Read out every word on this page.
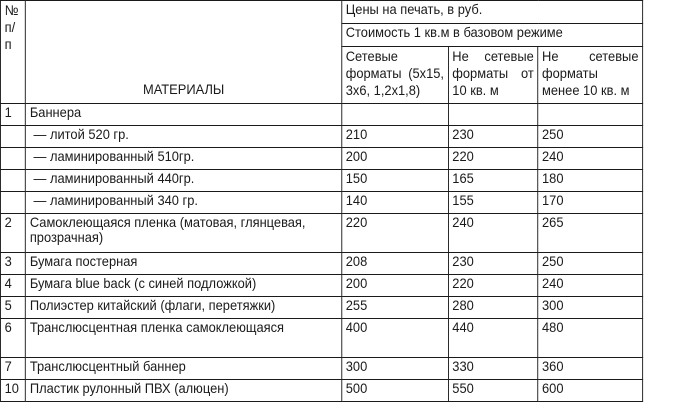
№ п/п	МАТЕРИАЛЫ	Цены на печать, в руб.		
		Стоимость 1 кв.м в базовом режиме		
		Сетевые форматы (5x15, 3x6, 1,2x1,8)	Не сетевые форматы от 10 кв. м	Не сетевые форматы менее 10 кв. м
1	Баннера			
	— литой 520 гр.	210	230	250
	— ламинированный 510гр.	200	220	240
	— ламинированный 440гр.	150	165	180
	— ламинированный 340 гр.	140	155	170
2	Самоклеющаяся пленка (матовая, глянцевая, прозрачная)	220	240	265
3	Бумага постерная	208	230	250
4	Бумага blue back (с синей подложкой)	200	220	240
5	Полиэстер китайский (флаги, перетяжки)	255	280	300
6	Транслюсцентная пленка самоклеющаяся	400	440	480
7	Транслюсцентный баннер	300	330	360
10	Пластик рулонный ПВХ (алюцен)	500	550	600
